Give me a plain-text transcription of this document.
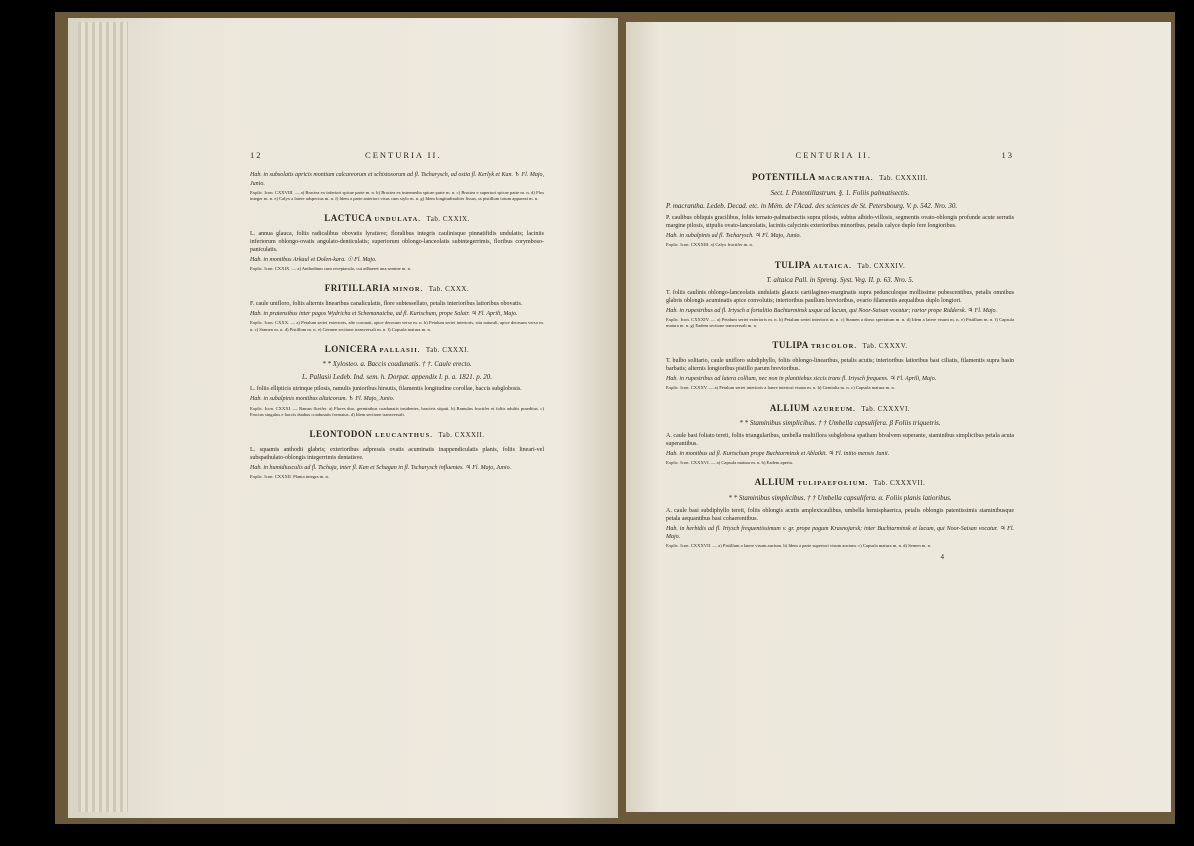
12	CENTURIA II.
Hab. in subsolatis apricis montium calcareorum et schistosorum ad fl. Tscharysch, ad ostia fl. Kerlyk et Kan. ♄ Fl. Majo, Junio.
Explic. Icon. CXXVIII. — a) Bractea ex inferiori spicae parte m. n. b) Bractea ex intermedia spicae parte m. n. c) Bractea e superiori spicae parte m. n. d) Flos integer m. n. e) Calyx a latere adspectus m. n. f) Idem a parte anteriori visus cum stylo m. n. g) Idem longitudinaliter fissus, ut pistillum totum appareat m. n.
LACTUCA UNDULATA. Tab. CXXIX.
L. annua glauca, foliis radicalibus obovatis lyratisve; floralibus integris caulinisque pinnatifidis undulatis; laciniis inferiorum oblongo-ovatis angulato-denticulatis; superiorum oblongo-lanceolatis subintegerrimis, floribus corymboso-paniculatis.
Hab. in montibus Arkaul et Dolen-kara. ☉ Fl. Majo.
Explic. Icon. CXXIX. — a) Anthodium cum receptaculo, cui adhaeret una semine m. n.
FRITILLARIA MINOR. Tab. CXXX.
F. caule unifloro, foliis alternis linearibus canaliculatis, flore subtessellato, petalis interioribus latioribus obovatis.
Hab. in pratensibus inter pagos Wydricha et Schemanaicha, ad fl. Kurtschum, prope Salair. ♃ Fl. Aprili, Majo.
Explic. Icon. CXXX. — a) Petalum seriei exterioris, alte coronati, apice deorsum verso m. n. b) Petalum seriei interioris, situ naturali, apice deorsum verso m. n. c) Stamen m. n. d) Pistillum m. n. e) Germen sectione transversali m. n. f) Capsula matura m. n.
LONICERA PALLASII. Tab. CXXXI.
* * Xylosteo. a. Baccis coadunatis. † †. Caule erecto.
L. Pallasii Ledeb. Ind. sem. h. Dorpat. appendix I. p. a. 1821. p. 20.
L. foliis ellipticis utrinque pilosis, ramulis junioribus hirsutis, filamentis longitudine corollae, baccis subglobosis.
Hab. in subalpinis montibus altaicorum. ♄ Fl. Majo, Junio.
Explic. Icon. CXXXI. — Ramus florifer. a) Flores duo, germinibus coadunatis insidentes, bracteis stipati. b) Ramulus fructifer et foliis adultis praeditus. c) Fructus singulus e baccis duabus coadunatis formatus. d) Idem sectione transversali.
LEONTODON LEUCANTHUS. Tab. CXXXII.
L. squamis anthodii glabris; exterioribus adpressis ovatis acuminatis inappendiculatis planis, foliis lineari-vel subspathulato-oblongis integerrimis dentatisve.
Hab. in humidiusculis ad fl. Tschuja, inter fl. Kan et Schagan in fl. Tscharysch influentes. ♃ Fl. Majo, Junio.
Explic. Icon. CXXXII. Planta integra m. n.
CENTURIA II.	13
POTENTILLA MACRANTHA. Tab. CXXXIII.
Sect. I. Potentillastrum. §. 1. Foliis palmatisectis.
P. macrantha. Ledeb. Decad. etc. in Mém. de l'Acad. des sciences de St. Petersbourg. V. p. 542. Nro. 30.
P. caulibus obliquis gracilibus, foliis ternato-palmatisectis supra pilosis, subtus albido-villosis, segmentis ovato-oblongis profunde acute serratis margine pilosis, stipulis ovato-lanceolatis, laciniis calycinis exterioribus minoribus, petalis calyce duplo fere longioribus.
Hab. in subalpinis ad fl. Tscharysch. ♃ Fl. Majo, Junio.
Explic. Icon. CXXXIII. a) Calyx fructifer m. n.
TULIPA ALTAICA. Tab. CXXXIV.
T. altaica Pall. in Spreng. Syst. Veg. II. p. 63. Nro. 5.
T. foliis caulinis oblongo-lanceolatis undulatis glaucis cartilagineo-marginatis supra pedunculoque mollissime pubescentibus, petalis omnibus glabris oblongis acuminatis apice convolutis; interioribus paullum brevioribus, ovario filamentis aequalibus duplo longiori.
Hab. in rupestribus ad fl. Irtysch a fortalitio Buchtarminsk usque ad lacum, qui Noor-Saisan vocatur; rarior prope Riddersk. ♃ Fl. Majo.
Explic. Icon. CXXXIV. — a) Petalum seriei exterioris m. n. b) Petalum seriei interioris m. n. c) Stamen a dorso spectatum m. n. d) Idem a latere visum m. n. e) Pistillum m. n. f) Capsula matura m. n. g) Eadem sectione transversali m. n.
TULIPA TRICOLOR. Tab. CXXXV.
T. bulbo solitario, caule unifloro subdiphyllo, foliis oblongo-linearibus, petalis acutis; interioribus latioribus basi ciliatis, filamentis supra basin barbatis; alternis longioribus pistillo parum brevioribus.
Hab. in rupestribus ad latera collium, nec non in planitiebus siccis trans fl. Irtysch frequens. ♃ Fl. Aprili, Majo.
Explic. Icon. CXXXV. — a) Petalum seriei interioris a latere interiori visum m. n. b) Genitalia m. n. c) Capsula matura m. n.
ALLIUM AZUREUM. Tab. CXXXVI.
* * Staminibus simplicibus. † † Umbella capsulifera. β Foliis triquetris.
A. caule basi foliato tereti, foliis triangularibus, umbella multiflora subglobosa spatham bivalvem superante, staminibus simplicibus petala acuta superantibus.
Hab. in montibus ad fl. Kurtschum prope Buchtarminsk et Ablaikit. ♃ Fl. initio mensis Junii.
Explic. Icon. CXXXVI. — a) Capsula matura m. n. b) Eadem aperta.
ALLIUM TULIPAEFOLIUM. Tab. CXXXVII.
* * Staminibus simplicibus. † † Umbella capsulifera. α. Foliis planis latioribus.
A. caule basi subdiphyllo tereti, foliis oblongis acutis amplexicaulibus, umbella hemisphaerica, petalis oblongis patentissimis staminibusque petala aequantibus basi cohaerentibus.
Hab. in herbidis ad fl. Irtysch frequentissimum v. gr. prope pagum Krasnojarsk; inter Buchtarminsk et lacum, qui Noor-Saisan vocatur. ♃ Fl. Majo.
Explic. Icon. CXXXVII. — a) Pistillum a latere visum auctum. b) Idem a parte superiori visum auctum. c) Capsula matura m. n. d) Semen m. n.
4
